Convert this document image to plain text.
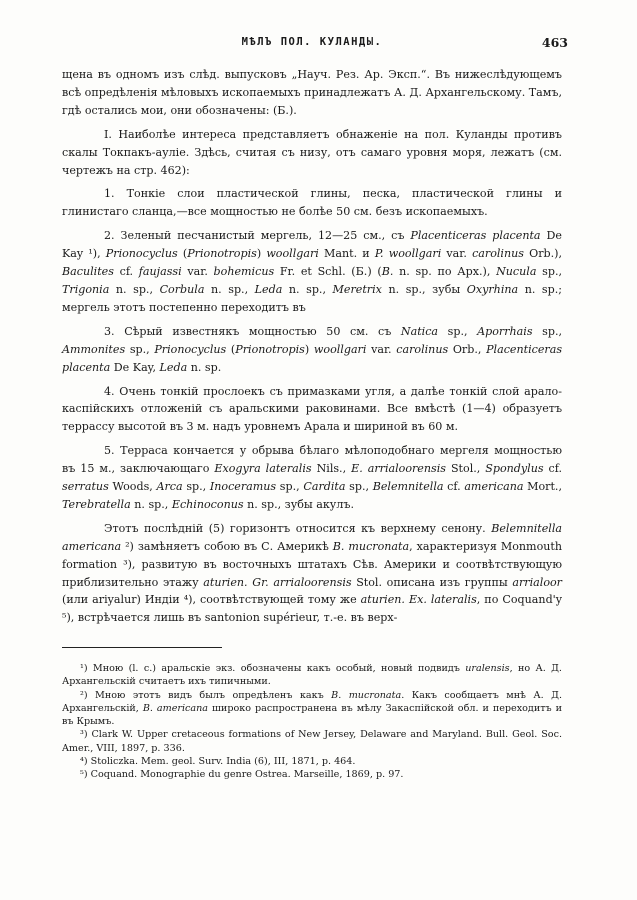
МѢЛЪ ПОЛ. КУЛАНДЫ.	463

щена въ одномъ изъ слѣд. выпусковъ „Науч. Рез. Ар. Эксп.“. Въ нижеслѣдующемъ всѣ опредѣленія мѣловыхъ ископаемыхъ принадлежатъ А. Д. Архангельскому. Тамъ, гдѣ остались мои, они обозначены: (Б.).

I. Наиболѣе интереса представляетъ обнаженіе на пол. Куланды противъ скалы Токпакъ-ауліе. Здѣсь, считая съ низу, отъ самаго уровня моря, лежатъ (см. чертежъ на стр. 462):

1. Тонкіе слои пластической глины, песка, пластической глины и глинистаго сланца,—все мощностью не болѣе 50 см. безъ ископаемыхъ.

2. Зеленый песчанистый мергель, 12—25 см., съ Placenticeras placenta De Kay ¹), Prionocyclus (Prionotropis) woollgari Mant. и P. woollgari var. carolinus Orb.), Baculites cf. faujassi var. bohemicus Fr. et Schl. (Б.) (B. n. sp. по Арх.), Nucula sp., Trigonia n. sp., Corbula n. sp., Leda n. sp., Meretrix n. sp., зубы Oxyrhina n. sp.; мергель этотъ постепенно переходитъ въ

3. Сѣрый известнякъ мощностью 50 см. съ Natica sp., Aporrhais sp., Ammonites sp., Prionocyclus (Prionotropis) woollgari var. carolinus Orb., Placenticeras placenta De Kay, Leda n. sp.

4. Очень тонкій прослоекъ съ примазками угля, а далѣе тонкій слой арало-каспійскихъ отложеній съ аральскими раковинами. Все вмѣстѣ (1—4) образуетъ террассу высотой въ 3 м. надъ уровнемъ Арала и шириной въ 60 м.

5. Терраса кончается у обрыва бѣлаго мѣлоподобнаго мергеля мощностью въ 15 м., заключающаго Exogyra lateralis Nils., E. arrialoorensis Stol., Spondylus cf. serratus Woods, Arca sp., Inoceramus sp., Cardita sp., Belemnitella cf. americana Mort., Terebratella n. sp., Echinoconus n. sp., зубы акулъ.

Этотъ послѣдній (5) горизонтъ относится къ верхнему сенону. Belemnitella americana ²) замѣняетъ собою въ С. Америкѣ B. mucronata, характеризуя Monmouth formation ³), развитую въ восточныхъ штатахъ Сѣв. Америки и соотвѣтствующую приблизительно этажу aturien. Gr. arrialoorensis Stol. описана изъ группы arrialoor (или ariyalur) Индіи ⁴), соотвѣтствующей тому же aturien. Ex. lateralis, по Coquand'y ⁵), встрѣчается лишь въ santonion supérieur, т.-е. въ верх-

¹) Мною (l. c.) аральскіе экз. обозначены какъ особый, новый подвидъ uralensis, но А. Д. Архангельскій считаетъ ихъ типичными.

²) Мною этотъ видъ былъ опредѣленъ какъ B. mucronata. Какъ сообщаетъ мнѣ А. Д. Архангельскій, B. americana широко распространена въ мѣлу Закаспійской обл. и переходитъ и въ Крымъ.

³) Clark W. Upper cretaceous formations of New Jersey, Delaware and Maryland. Bull. Geol. Soc. Amer., VIII, 1897, p. 336.

⁴) Stoliczka. Mem. geol. Surv. India (6), III, 1871, p. 464.

⁵) Coquand. Monographie du genre Ostrea. Marseille, 1869, p. 97.
